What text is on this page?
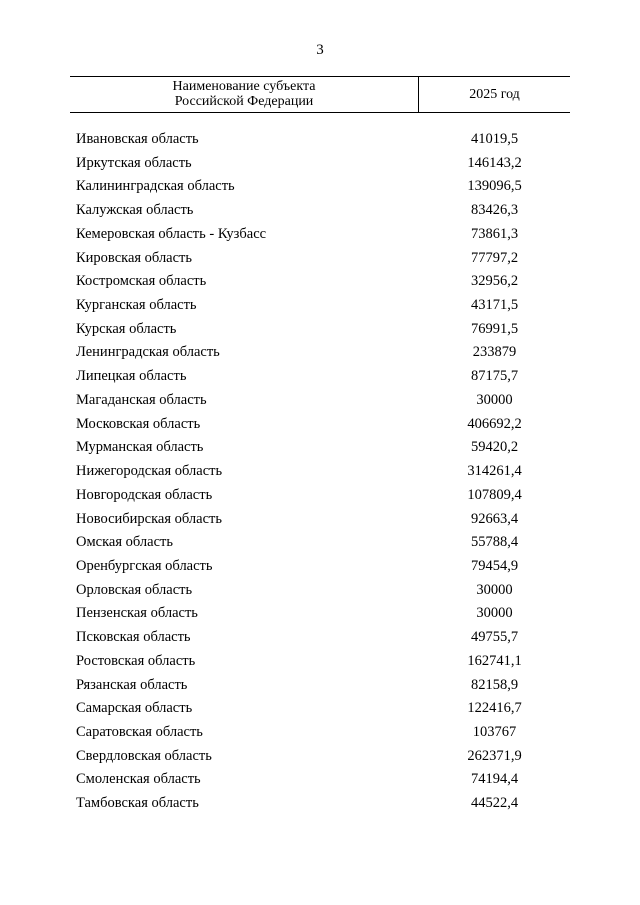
3
Наименование субъекта
Российской Федерации	2025 год
Ивановская область	41019,5
Иркутская область	146143,2
Калининградская область	139096,5
Калужская область	83426,3
Кемеровская область - Кузбасс	73861,3
Кировская область	77797,2
Костромская область	32956,2
Курганская область	43171,5
Курская область	76991,5
Ленинградская область	233879
Липецкая область	87175,7
Магаданская область	30000
Московская область	406692,2
Мурманская область	59420,2
Нижегородская область	314261,4
Новгородская область	107809,4
Новосибирская область	92663,4
Омская область	55788,4
Оренбургская область	79454,9
Орловская область	30000
Пензенская область	30000
Псковская область	49755,7
Ростовская область	162741,1
Рязанская область	82158,9
Самарская область	122416,7
Саратовская область	103767
Свердловская область	262371,9
Смоленская область	74194,4
Тамбовская область	44522,4
